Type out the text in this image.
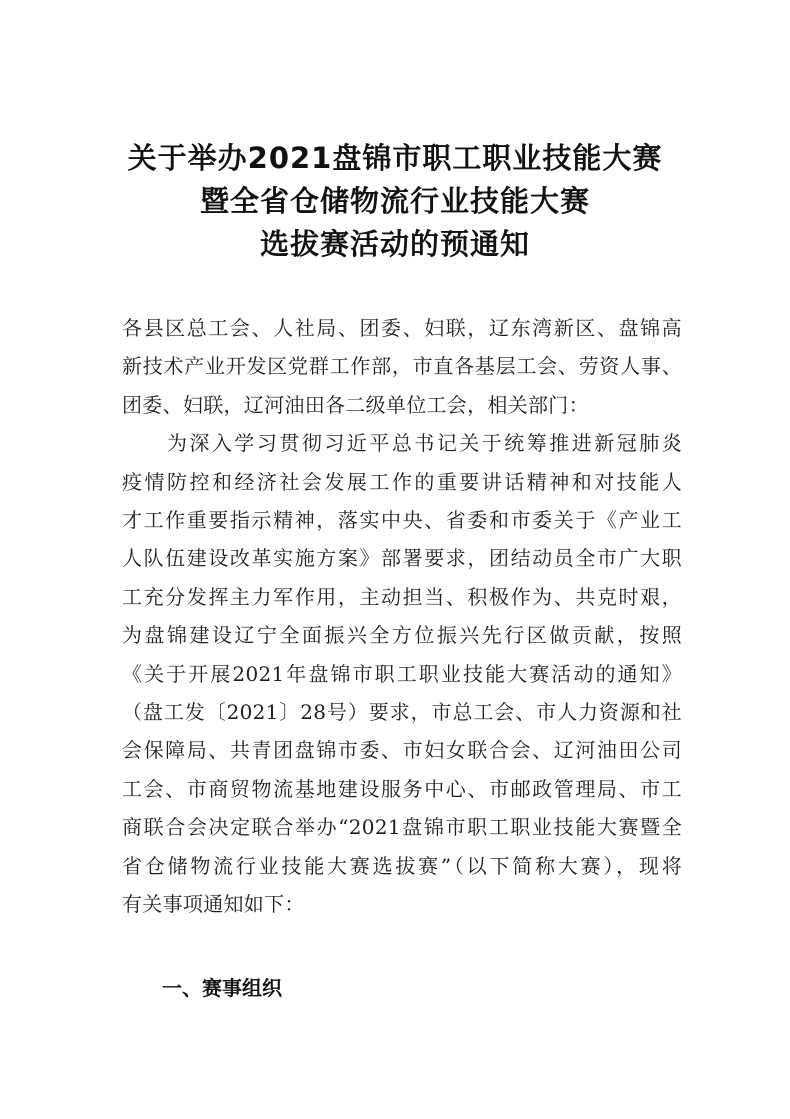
关于举办2021盘锦市职工职业技能大赛
暨全省仓储物流行业技能大赛
选拔赛活动的预通知
各县区总工会、人社局、团委、妇联，辽东湾新区、盘锦高
新技术产业开发区党群工作部，市直各基层工会、劳资人事、
团委、妇联，辽河油田各二级单位工会，相关部门：
　　为深入学习贯彻习近平总书记关于统筹推进新冠肺炎
疫情防控和经济社会发展工作的重要讲话精神和对技能人
才工作重要指示精神，落实中央、省委和市委关于《产业工
人队伍建设改革实施方案》部署要求，团结动员全市广大职
工充分发挥主力军作用，主动担当、积极作为、共克时艰，
为盘锦建设辽宁全面振兴全方位振兴先行区做贡献，按照
《关于开展2021年盘锦市职工职业技能大赛活动的通知》
（盘工发〔2021〕28号）要求，市总工会、市人力资源和社
会保障局、共青团盘锦市委、市妇女联合会、辽河油田公司
工会、市商贸物流基地建设服务中心、市邮政管理局、市工
商联合会决定联合举办“2021盘锦市职工职业技能大赛暨全
省仓储物流行业技能大赛选拔赛”（以下简称大赛），现将
有关事项通知如下：
一、赛事组织
